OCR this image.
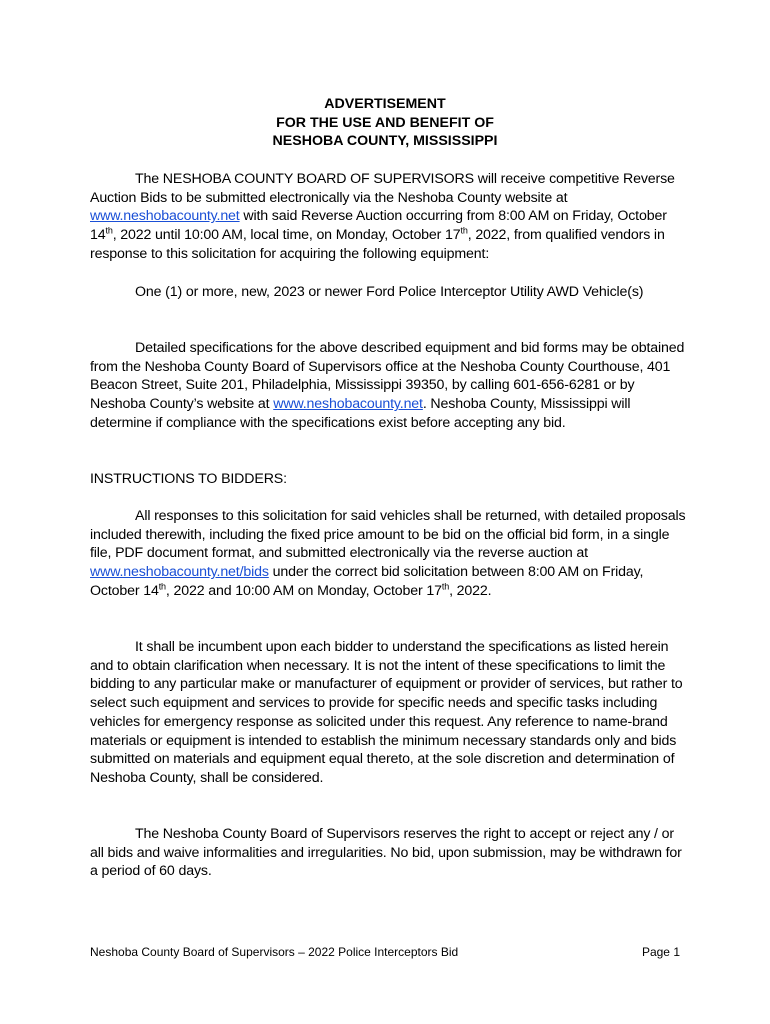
ADVERTISEMENT
FOR THE USE AND BENEFIT OF
NESHOBA COUNTY, MISSISSIPPI
The NESHOBA COUNTY BOARD OF SUPERVISORS will receive competitive Reverse Auction Bids to be submitted electronically via the Neshoba County website at www.neshobacounty.net with said Reverse Auction occurring from 8:00 AM on Friday, October 14th, 2022 until 10:00 AM, local time, on Monday, October 17th, 2022, from qualified vendors in response to this solicitation for acquiring the following equipment:
One (1) or more, new, 2023 or newer Ford Police Interceptor Utility AWD Vehicle(s)
Detailed specifications for the above described equipment and bid forms may be obtained from the Neshoba County Board of Supervisors office at the Neshoba County Courthouse, 401 Beacon Street, Suite 201, Philadelphia, Mississippi 39350, by calling 601-656-6281 or by Neshoba County’s website at www.neshobacounty.net. Neshoba County, Mississippi will determine if compliance with the specifications exist before accepting any bid.
INSTRUCTIONS TO BIDDERS:
All responses to this solicitation for said vehicles shall be returned, with detailed proposals included therewith, including the fixed price amount to be bid on the official bid form, in a single file, PDF document format, and submitted electronically via the reverse auction at www.neshobacounty.net/bids under the correct bid solicitation between 8:00 AM on Friday, October 14th, 2022 and 10:00 AM on Monday, October 17th, 2022.
It shall be incumbent upon each bidder to understand the specifications as listed herein and to obtain clarification when necessary. It is not the intent of these specifications to limit the bidding to any particular make or manufacturer of equipment or provider of services, but rather to select such equipment and services to provide for specific needs and specific tasks including vehicles for emergency response as solicited under this request. Any reference to name-brand materials or equipment is intended to establish the minimum necessary standards only and bids submitted on materials and equipment equal thereto, at the sole discretion and determination of Neshoba County, shall be considered.
The Neshoba County Board of Supervisors reserves the right to accept or reject any / or all bids and waive informalities and irregularities. No bid, upon submission, may be withdrawn for a period of 60 days.
Neshoba County Board of Supervisors – 2022 Police Interceptors Bid	Page 1
